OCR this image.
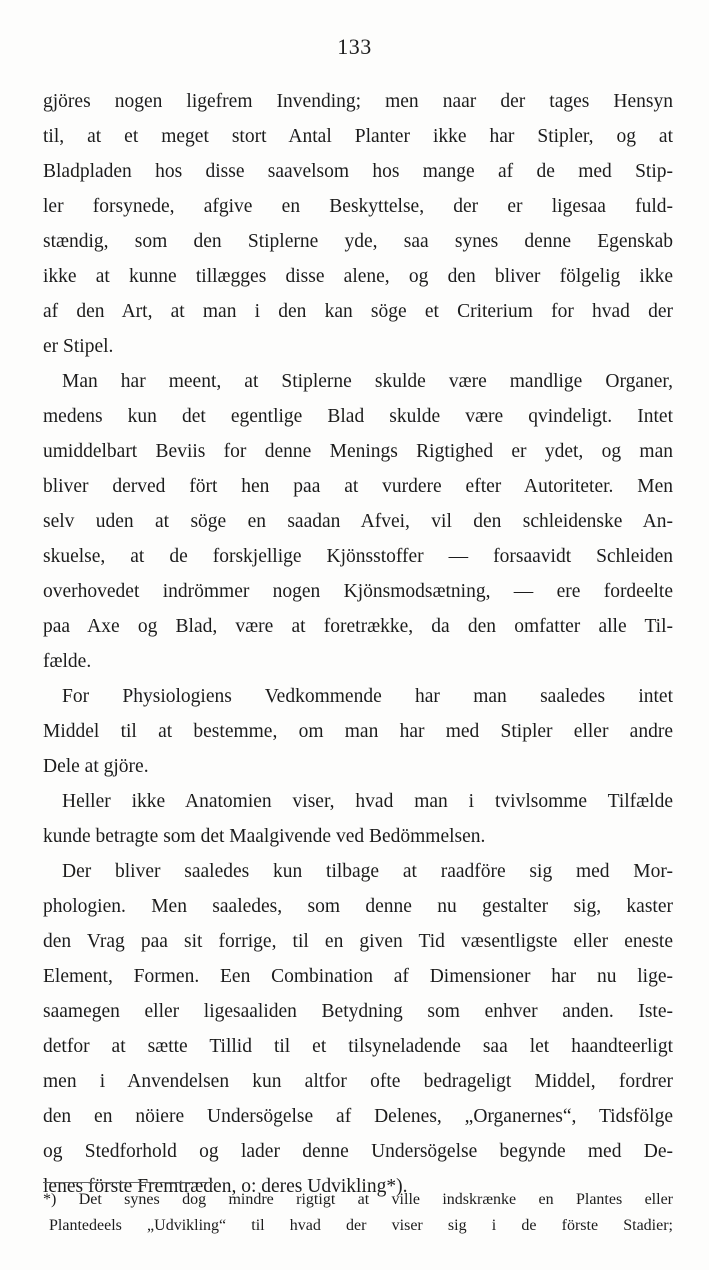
133
gjöres nogen ligefrem Invending; men naar der tages Hensyn
til, at et meget stort Antal Planter ikke har Stipler, og at
Bladpladen hos disse saavelsom hos mange af de med Stip-
ler forsynede, afgive en Beskyttelse, der er ligesaa fuld-
stændig, som den Stiplerne yde, saa synes denne Egenskab
ikke at kunne tillægges disse alene, og den bliver fölgelig ikke
af den Art, at man i den kan söge et Criterium for hvad der
er Stipel.
Man har meent, at Stiplerne skulde være mandlige Organer,
medens kun det egentlige Blad skulde være qvindeligt. Intet
umiddelbart Beviis for denne Menings Rigtighed er ydet, og man
bliver derved fört hen paa at vurdere efter Autoriteter. Men
selv uden at söge en saadan Afvei, vil den schleidenske An-
skuelse, at de forskjellige Kjönsstoffer — forsaavidt Schleiden
overhovedet indrömmer nogen Kjönsmodsætning, — ere fordeelte
paa Axe og Blad, være at foretrække, da den omfatter alle Til-
fælde.
For Physiologiens Vedkommende har man saaledes intet
Middel til at bestemme, om man har med Stipler eller andre
Dele at gjöre.
Heller ikke Anatomien viser, hvad man i tvivlsomme Tilfælde
kunde betragte som det Maalgivende ved Bedömmelsen.
Der bliver saaledes kun tilbage at raadföre sig med Mor-
phologien. Men saaledes, som denne nu gestalter sig, kaster
den Vrag paa sit forrige, til en given Tid væsentligste eller eneste
Element, Formen. Een Combination af Dimensioner har nu lige-
saamegen eller ligesaaliden Betydning som enhver anden. Iste-
detfor at sætte Tillid til et tilsyneladende saa let haandteerligt
men i Anvendelsen kun altfor ofte bedrageligt Middel, fordrer
den en nöiere Undersögelse af Delenes, „Organernes“, Tidsfölge
og Stedforhold og lader denne Undersögelse begynde med De-
lenes förste Fremtræden, o: deres Udvikling*).
*) Det synes dog mindre rigtigt at ville indskrænke en Plantes eller
Plantedeels „Udvikling“ til hvad der viser sig i de förste Stadier;
